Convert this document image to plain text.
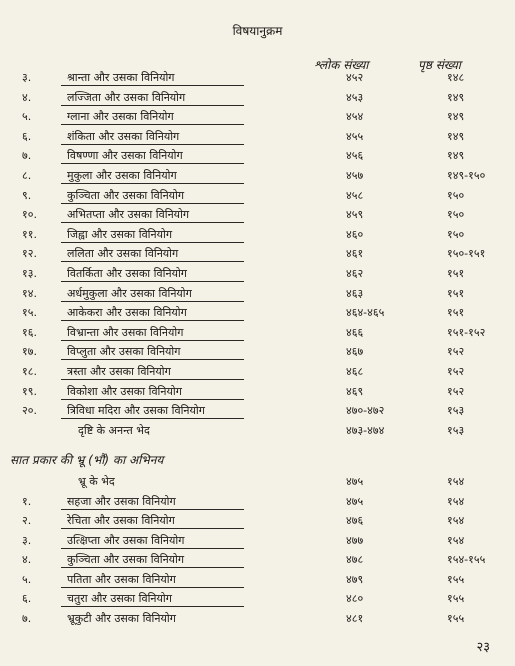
विषयानुक्रम
श्लोक संख्या	पृष्ठ संख्या
३.	श्रान्ता और उसका विनियोग	४५२	१४८
४.	लज्जिता और उसका विनियोग	४५३	१४९
५.	ग्लाना और उसका विनियोग	४५४	१४९
६.	शंकिता और उसका विनियोग	४५५	१४९
७.	विषण्णा और उसका विनियोग	४५६	१४९
८.	मुकुला और उसका विनियोग	४५७	१४९-१५०
९.	कुञ्चिता और उसका विनियोग	४५८	१५०
१०.	अभितप्ता और उसका विनियोग	४५९	१५०
११.	जिह्वा और उसका विनियोग	४६०	१५०
१२.	ललिता और उसका विनियोग	४६१	१५०-१५१
१३.	वितर्किता और उसका विनियोग	४६२	१५१
१४.	अर्धमुकुला और उसका विनियोग	४६३	१५१
१५.	आकेकरा और उसका विनियोग	४६४-४६५	१५१
१६.	विभ्रान्ता और उसका विनियोग	४६६	१५१-१५२
१७.	विप्लुता और उसका विनियोग	४६७	१५२
१८.	त्रस्ता और उसका विनियोग	४६८	१५२
१९.	विकोशा और उसका विनियोग	४६९	१५२
२०.	त्रिविधा मदिरा और उसका विनियोग	४७०-४७२	१५३
दृष्टि के अनन्त भेद	४७३-४७४	१५३
सात प्रकार की भ्रू (भौं) का अभिनय
भ्रू के भेद	४७५	१५४
१.	सहजा और उसका विनियोग	४७५	१५४
२.	रेचिता और उसका विनियोग	४७६	१५४
३.	उत्क्षिप्ता और उसका विनियोग	४७७	१५४
४.	कुञ्चिता और उसका विनियोग	४७८	१५४-१५५
५.	पतिता और उसका विनियोग	४७९	१५५
६.	चतुरा और उसका विनियोग	४८०	१५५
७.	भ्रूकुटी और उसका विनियोग	४८१	१५५
२३
